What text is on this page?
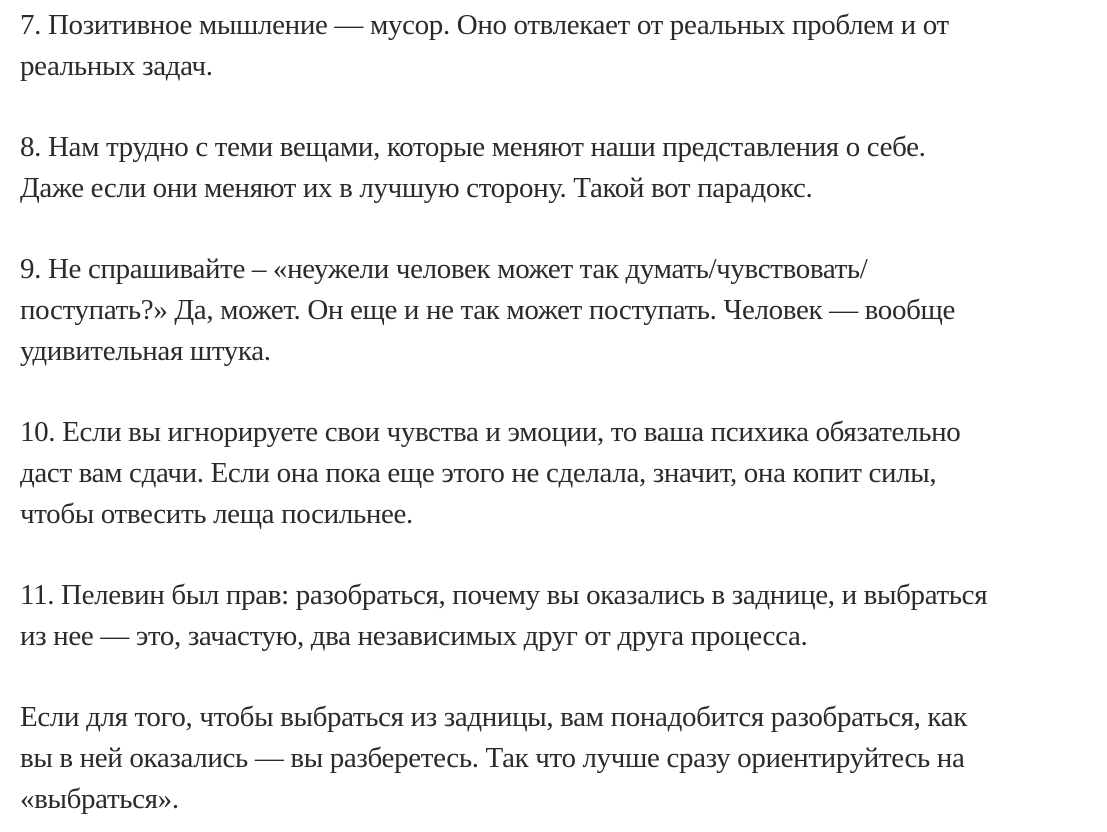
7. Позитивное мышление — мусор. Оно отвлекает от реальных проблем и от
реальных задач.
8. Нам трудно с теми вещами, которые меняют наши представления о себе.
Даже если они меняют их в лучшую сторону. Такой вот парадокс.
9. Не спрашивайте – «неужели человек может так думать/чувствовать/
поступать?» Да, может. Он еще и не так может поступать. Человек — вообще
удивительная штука.
10. Если вы игнорируете свои чувства и эмоции, то ваша психика обязательно
даст вам сдачи. Если она пока еще этого не сделала, значит, она копит силы,
чтобы отвесить леща посильнее.
11. Пелевин был прав: разобраться, почему вы оказались в заднице, и выбраться
из нее — это, зачастую, два независимых друг от друга процесса.
Если для того, чтобы выбраться из задницы, вам понадобится разобраться, как
вы в ней оказались — вы разберетесь. Так что лучше сразу ориентируйтесь на
«выбраться».
